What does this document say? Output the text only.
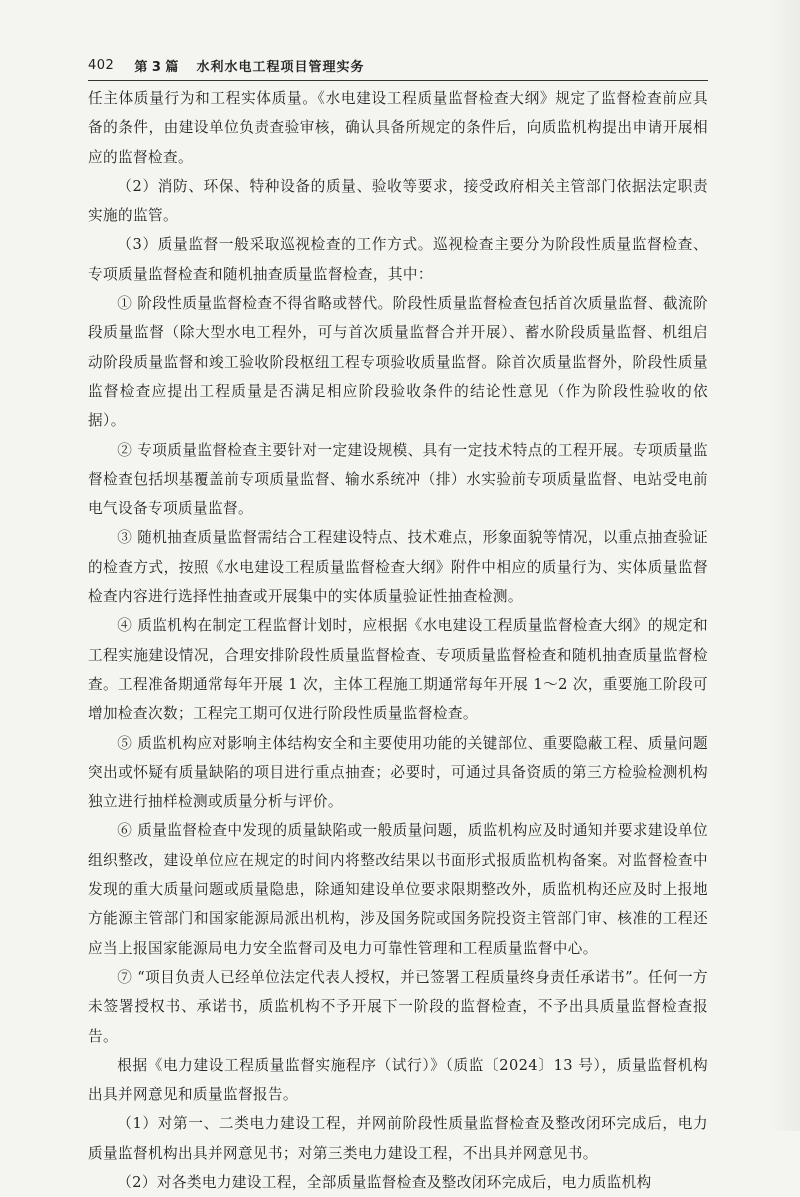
402 第 3 篇 水利水电工程项目管理实务

任主体质量行为和工程实体质量。《水电建设工程质量监督检查大纲》规定了监督检查前应具备的条件，由建设单位负责查验审核，确认具备所规定的条件后，向质监机构提出申请开展相应的监督检查。

（2）消防、环保、特种设备的质量、验收等要求，接受政府相关主管部门依据法定职责实施的监管。

（3）质量监督一般采取巡视检查的工作方式。巡视检查主要分为阶段性质量监督检查、专项质量监督检查和随机抽查质量监督检查，其中：

① 阶段性质量监督检查不得省略或替代。阶段性质量监督检查包括首次质量监督、截流阶段质量监督（除大型水电工程外，可与首次质量监督合并开展）、蓄水阶段质量监督、机组启动阶段质量监督和竣工验收阶段枢纽工程专项验收质量监督。除首次质量监督外，阶段性质量监督检查应提出工程质量是否满足相应阶段验收条件的结论性意见（作为阶段性验收的依据）。

② 专项质量监督检查主要针对一定建设规模、具有一定技术特点的工程开展。专项质量监督检查包括坝基覆盖前专项质量监督、输水系统冲（排）水实验前专项质量监督、电站受电前电气设备专项质量监督。

③ 随机抽查质量监督需结合工程建设特点、技术难点，形象面貌等情况，以重点抽查验证的检查方式，按照《水电建设工程质量监督检查大纲》附件中相应的质量行为、实体质量监督检查内容进行选择性抽查或开展集中的实体质量验证性抽查检测。

④ 质监机构在制定工程监督计划时，应根据《水电建设工程质量监督检查大纲》的规定和工程实施建设情况，合理安排阶段性质量监督检查、专项质量监督检查和随机抽查质量监督检查。工程准备期通常每年开展 1 次，主体工程施工期通常每年开展 1～2 次，重要施工阶段可增加检查次数；工程完工期可仅进行阶段性质量监督检查。

⑤ 质监机构应对影响主体结构安全和主要使用功能的关键部位、重要隐蔽工程、质量问题突出或怀疑有质量缺陷的项目进行重点抽查；必要时，可通过具备资质的第三方检验检测机构独立进行抽样检测或质量分析与评价。

⑥ 质量监督检查中发现的质量缺陷或一般质量问题，质监机构应及时通知并要求建设单位组织整改，建设单位应在规定的时间内将整改结果以书面形式报质监机构备案。对监督检查中发现的重大质量问题或质量隐患，除通知建设单位要求限期整改外，质监机构还应及时上报地方能源主管部门和国家能源局派出机构，涉及国务院或国务院投资主管部门审、核准的工程还应当上报国家能源局电力安全监督司及电力可靠性管理和工程质量监督中心。

⑦ “项目负责人已经单位法定代表人授权，并已签署工程质量终身责任承诺书”。任何一方未签署授权书、承诺书，质监机构不予开展下一阶段的监督检查，不予出具质量监督检查报告。

根据《电力建设工程质量监督实施程序（试行）》（质监〔2024〕13 号），质量监督机构出具并网意见和质量监督报告。

（1）对第一、二类电力建设工程，并网前阶段性质量监督检查及整改闭环完成后，电力质量监督机构出具并网意见书；对第三类电力建设工程，不出具并网意见书。

（2）对各类电力建设工程，全部质量监督检查及整改闭环完成后，电力质监机构
